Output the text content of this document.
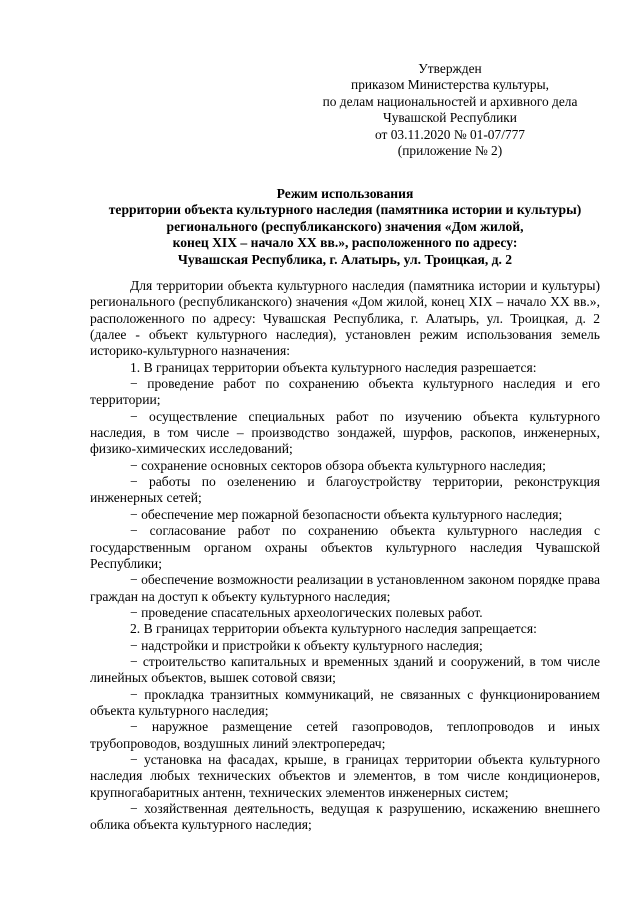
Утвержден
приказом Министерства культуры,
по делам национальностей и архивного дела
Чувашской Республики
от 03.11.2020 № 01-07/777
(приложение № 2)
Режим использования
территории объекта культурного наследия (памятника истории и культуры)
регионального (республиканского) значения «Дом жилой,
конец XIX – начало XX вв.», расположенного по адресу:
Чувашская Республика, г. Алатырь, ул. Троицкая, д. 2

Для территории объекта культурного наследия (памятника истории и культуры) регионального (республиканского) значения «Дом жилой, конец XIX – начало XX вв.», расположенного по адресу: Чувашская Республика, г. Алатырь, ул. Троицкая, д. 2 (далее - объект культурного наследия), установлен режим использования земель историко-культурного назначения:

1. В границах территории объекта культурного наследия разрешается:

− проведение работ по сохранению объекта культурного наследия и его территории;

− осуществление специальных работ по изучению объекта культурного наследия, в том числе – производство зондажей, шурфов, раскопов, инженерных, физико-химических исследований;

− сохранение основных секторов обзора объекта культурного наследия;

− работы по озеленению и благоустройству территории, реконструкция инженерных сетей;

− обеспечение мер пожарной безопасности объекта культурного наследия;

− согласование работ по сохранению объекта культурного наследия с государственным органом охраны объектов культурного наследия Чувашской Республики;

− обеспечение возможности реализации в установленном законом порядке права граждан на доступ к объекту культурного наследия;

− проведение спасательных археологических полевых работ.

2. В границах территории объекта культурного наследия запрещается:

− надстройки и пристройки к объекту культурного наследия;

− строительство капитальных и временных зданий и сооружений, в том числе линейных объектов, вышек сотовой связи;

− прокладка транзитных коммуникаций, не связанных с функционированием объекта культурного наследия;

− наружное размещение сетей газопроводов, теплопроводов и иных трубопроводов, воздушных линий электропередач;

− установка на фасадах, крыше, в границах территории объекта культурного наследия любых технических объектов и элементов, в том числе кондиционеров, крупногабаритных антенн, технических элементов инженерных систем;

− хозяйственная деятельность, ведущая к разрушению, искажению внешнего облика объекта культурного наследия;
